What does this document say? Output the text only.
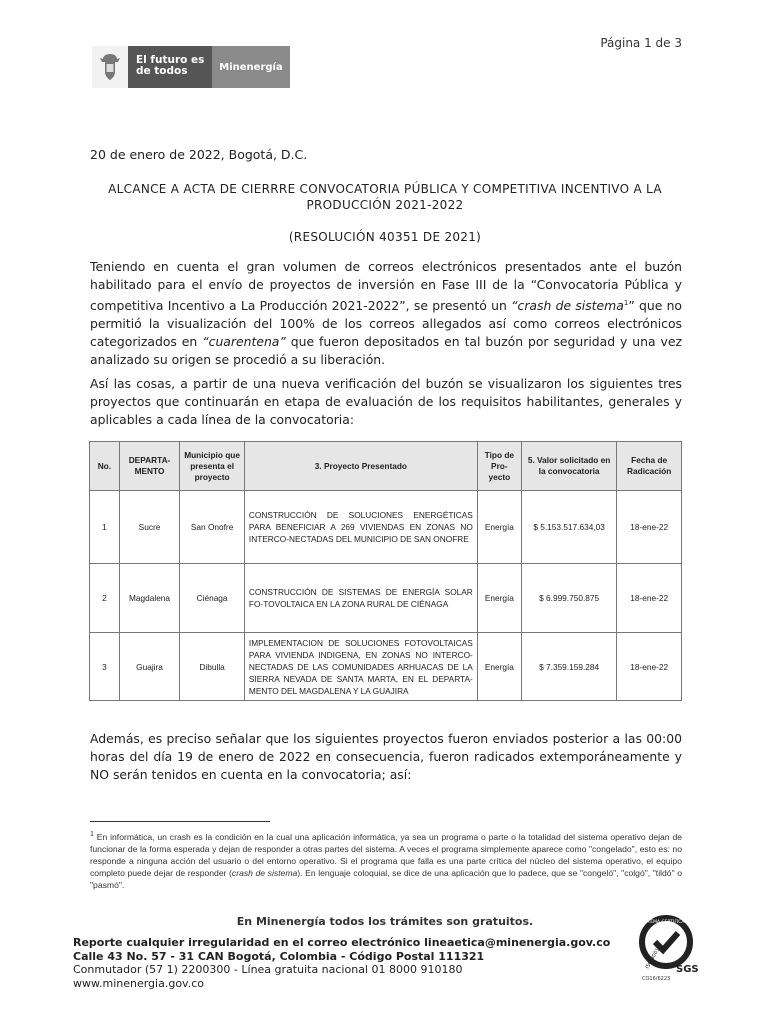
Página 1 de 3
El futuro es de todos	Minenergía
20 de enero de 2022, Bogotá, D.C.
ALCANCE A ACTA DE CIERRRE CONVOCATORIA PÚBLICA Y COMPETITIVA INCENTIVO A LA
PRODUCCIÓN 2021-2022
(RESOLUCIÓN 40351 DE 2021)
Teniendo en cuenta el gran volumen de correos electrónicos presentados ante el buzón habilitado para el envío de proyectos de inversión en Fase III de la “Convocatoria Pública y competitiva Incentivo a La Producción 2021-2022”, se presentó un “crash de sistema$^1$” que no permitió la visualización del 100% de los correos allegados así como correos electrónicos categorizados en “cuarentena” que fueron depositados en tal buzón por seguridad y una vez analizado su origen se procedió a su liberación.
Así las cosas, a partir de una nueva verificación del buzón se visualizaron los siguientes tres proyectos que continuarán en etapa de evaluación de los requisitos habilitantes, generales y aplicables a cada línea de la convocatoria:
No.	DEPARTA-MENTO	Municipio que presenta el proyecto	3. Proyecto Presentado	Tipo de Pro-yecto	5. Valor solicitado en la convocatoria	Fecha de Radicación
1	Sucre	San Onofre	CONSTRUCCIÓN DE SOLUCIONES ENERGÉTICAS PARA BENEFICIAR A 269 VIVIENDAS EN ZONAS NO INTERCO-NECTADAS DEL MUNICIPIO DE SAN ONOFRE	Energía	$ 5.153.517.634,03	18-ene-22
2	Magdalena	Ciénaga	CONSTRUCCIÓN DE SISTEMAS DE ENERGÍA SOLAR FO-TOVOLTAICA EN LA ZONA RURAL DE CIÉNAGA	Energía	$ 6.999.750.875	18-ene-22
3	Guajira	Dibulla	IMPLEMENTACION DE SOLUCIONES FOTOVOLTAICAS PARA VIVIENDA INDIGENA, EN ZONAS NO INTERCO-NECTADAS DE LAS COMUNIDADES ARHUACAS DE LA SIERRA NEVADA DE SANTA MARTA, EN EL DEPARTA-MENTO DEL MAGDALENA Y LA GUAJIRA	Energía	$ 7.359.159.284	18-ene-22
Además, es preciso señalar que los siguientes proyectos fueron enviados posterior a las 00:00 horas del día 19 de enero de 2022 en consecuencia, fueron radicados extemporáneamente y NO serán tenidos en cuenta en la convocatoria; así:
$^1$ En informática, un crash es la condición en la cual una aplicación informática, ya sea un programa o parte o la totalidad del sistema operativo dejan de funcionar de la forma esperada y dejan de responder a otras partes del sistema. A veces el programa simplemente aparece como "congelado", esto es: no responde a ninguna acción del usuario o del entorno operativo. Si el programa que falla es una parte crítica del núcleo del sistema operativo, el equipo completo puede dejar de responder (crash de sistema). En lenguaje coloquial, se dice de una aplicación que lo padece, que se "congeló", "colgó", "tildó" o "pasmó".
En Minenergía todos los trámites son gratuitos.
Reporte cualquier irregularidad en el correo electrónico lineaetica@minenergia.gov.co
Calle 43 No. 57 - 31 CAN Bogotá, Colombia - Código Postal 111321
Conmutador (57 1) 2200300 - Línea gratuita nacional 01 8000 910180
www.minenergia.gov.co
SISTEMA CERTIFICADO
ISO 9001 SGS
CO16/6223
